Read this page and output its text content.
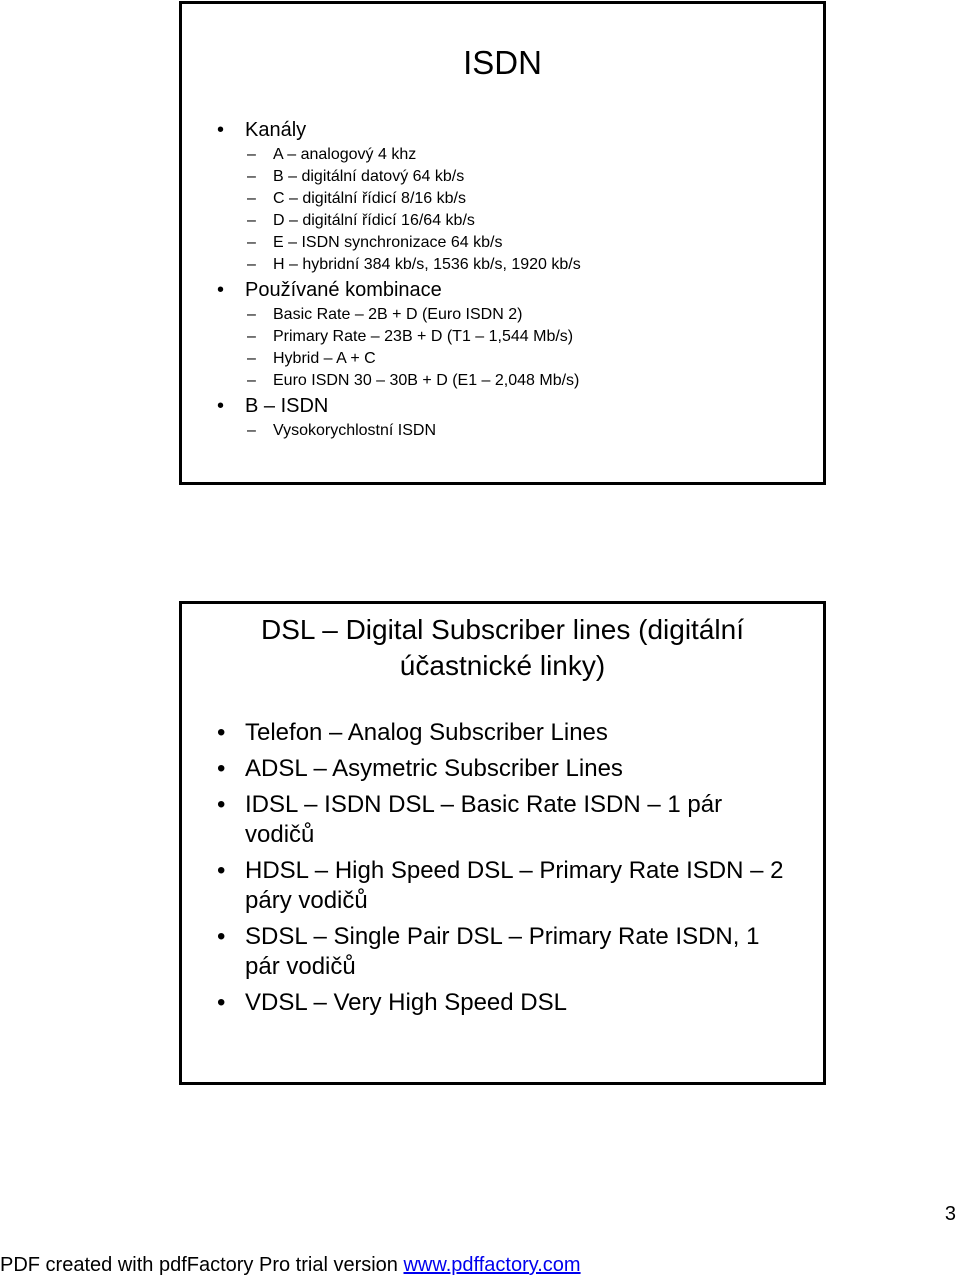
ISDN
• Kanály
– A – analogový 4 khz
– B – digitální datový 64 kb/s
– C – digitální řídicí 8/16 kb/s
– D – digitální řídicí 16/64 kb/s
– E – ISDN synchronizace 64 kb/s
– H – hybridní 384 kb/s, 1536 kb/s, 1920 kb/s
• Používané kombinace
– Basic Rate – 2B + D (Euro ISDN 2)
– Primary Rate – 23B + D (T1 – 1,544 Mb/s)
– Hybrid – A + C
– Euro ISDN 30 – 30B + D (E1 – 2,048 Mb/s)
• B – ISDN
– Vysokorychlostní ISDN
DSL – Digital Subscriber lines (digitální účastnické linky)
• Telefon – Analog Subscriber Lines
• ADSL – Asymetric Subscriber Lines
• IDSL – ISDN DSL – Basic Rate ISDN – 1 pár vodičů
• HDSL – High Speed DSL – Primary Rate ISDN – 2 páry vodičů
• SDSL – Single Pair DSL – Primary Rate ISDN, 1 pár vodičů
• VDSL – Very High Speed DSL
3
PDF created with pdfFactory Pro trial version www.pdffactory.com
